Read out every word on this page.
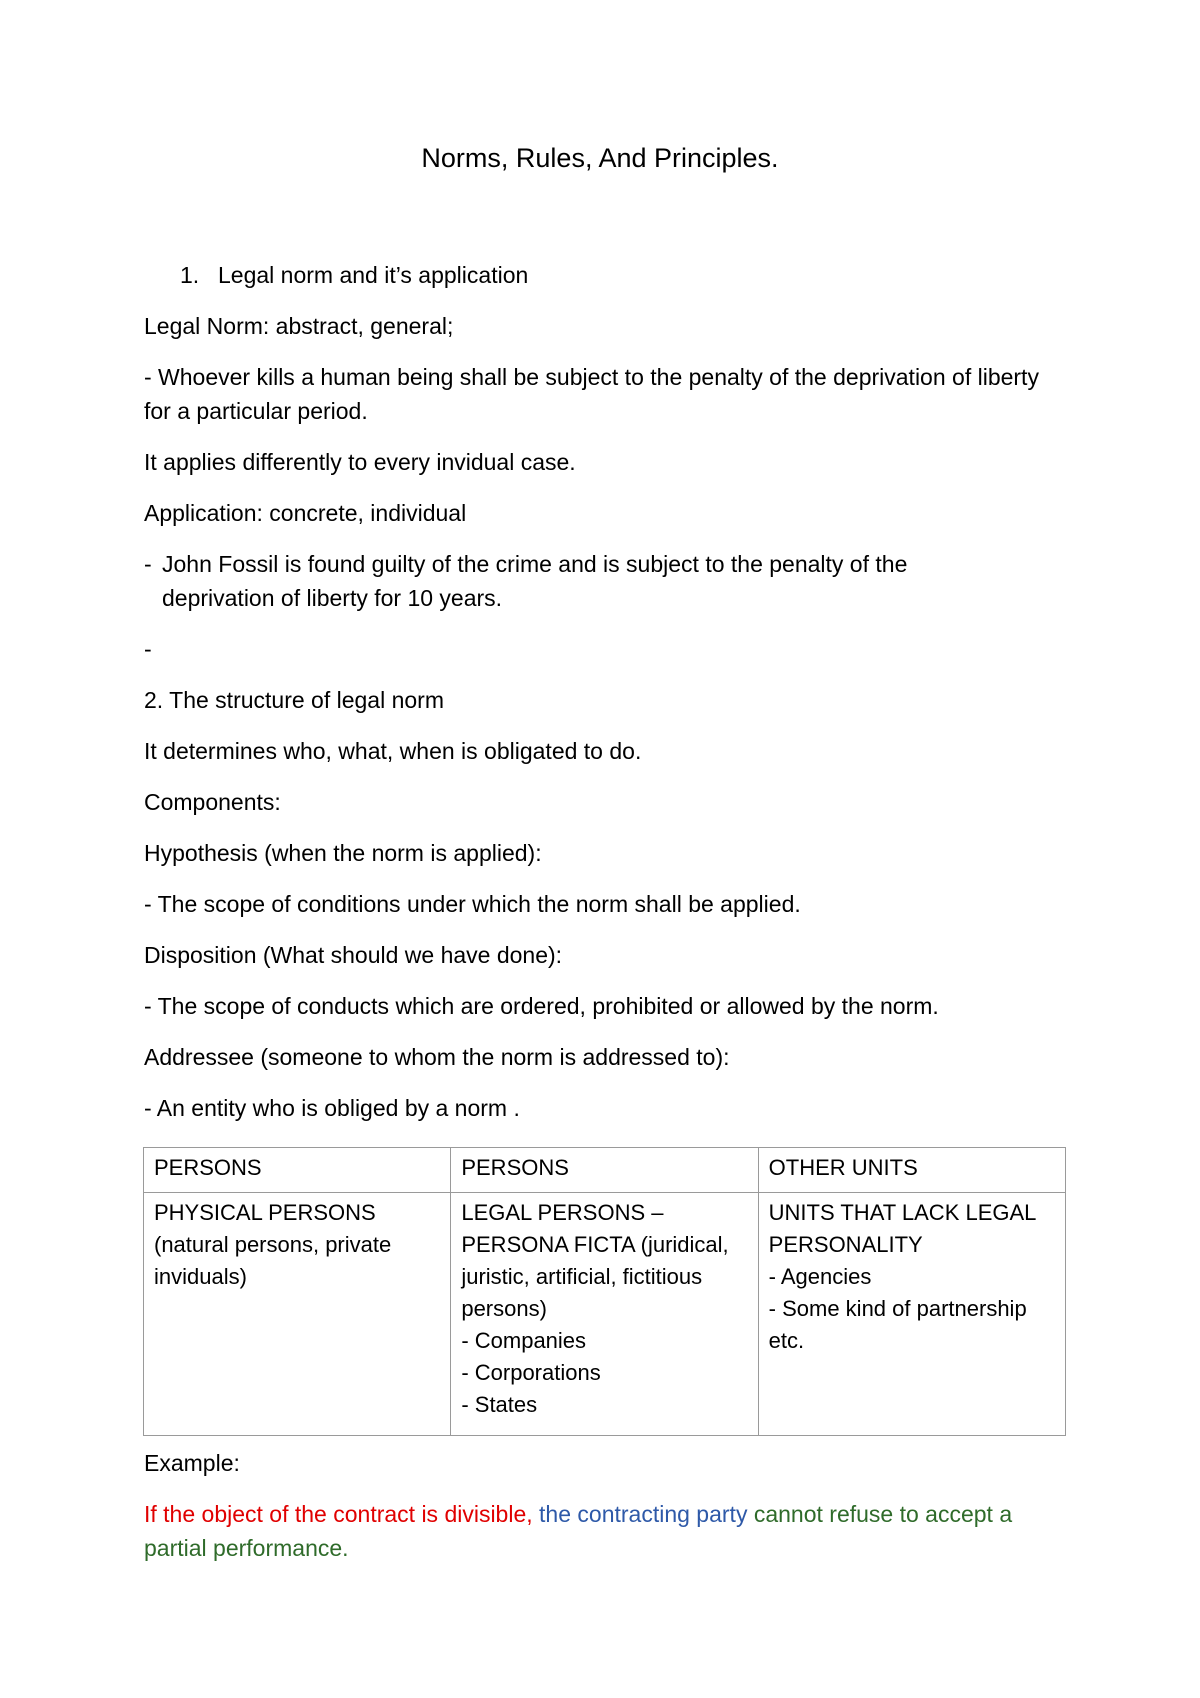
Norms, Rules, And Principles.
1. Legal norm and it’s application
Legal Norm: abstract, general;
- Whoever kills a human being shall be subject to the penalty of the deprivation of liberty for a particular period.
It applies differently to every invidual case.
Application: concrete, individual
- John Fossil is found guilty of the crime and is subject to the penalty of the deprivation of liberty for 10 years.
-
2. The structure of legal norm
It determines who, what, when is obligated to do.
Components:
Hypothesis (when the norm is applied):
- The scope of conditions under which the norm shall be applied.
Disposition (What should we have done):
- The scope of conducts which are ordered, prohibited or allowed by the norm.
Addressee (someone to whom the norm is addressed to):
- An entity who is obliged by a norm .
PERSONS	PERSONS	OTHER UNITS

PHYSICAL PERSONS (natural persons, private inviduals)	LEGAL PERSONS – PERSONA FICTA (juridical, juristic, artificial, fictitious persons)
- Companies
- Corporations
- States	UNITS THAT LACK LEGAL PERSONALITY
- Agencies
- Some kind of partnership etc.
Example:
If the object of the contract is divisible, the contracting party cannot refuse to accept a partial performance.
